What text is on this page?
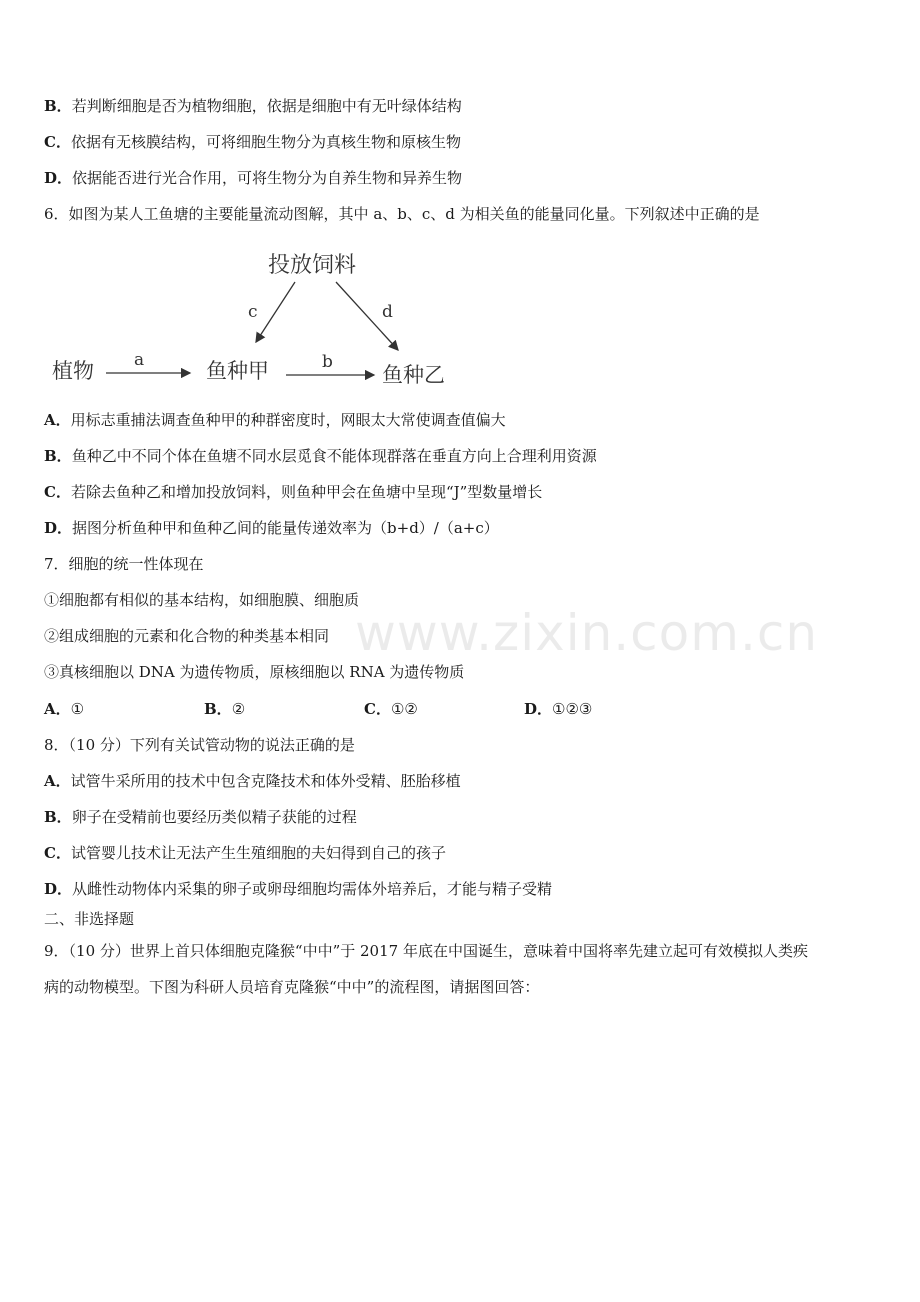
www.zixin.com.cn
B．若判断细胞是否为植物细胞，依据是细胞中有无叶绿体结构
C．依据有无核膜结构，可将细胞生物分为真核生物和原核生物
D．依据能否进行光合作用，可将生物分为自养生物和异养生物
6．如图为某人工鱼塘的主要能量流动图解，其中 a、b、c、d 为相关鱼的能量同化量。下列叙述中正确的是
投放饲料
c	d
植物 a	鱼种甲	b
鱼种乙
A．用标志重捕法调查鱼种甲的种群密度时，网眼太大常使调查值偏大
B．鱼种乙中不同个体在鱼塘不同水层觅食不能体现群落在垂直方向上合理利用资源
C．若除去鱼种乙和增加投放饲料，则鱼种甲会在鱼塘中呈现“J”型数量增长
D．据图分析鱼种甲和鱼种乙间的能量传递效率为（b+d）/（a+c）
7．细胞的统一性体现在
①细胞都有相似的基本结构，如细胞膜、细胞质
②组成细胞的元素和化合物的种类基本相同
③真核细胞以 DNA 为遗传物质，原核细胞以 RNA 为遗传物质
A．①	B．②	C．①②	D．①②③
8．（10 分）下列有关试管动物的说法正确的是
A．试管牛采所用的技术中包含克隆技术和体外受精、胚胎移植
B．卵子在受精前也要经历类似精子获能的过程
C．试管婴儿技术让无法产生生殖细胞的夫妇得到自己的孩子
D．从雌性动物体内采集的卵子或卵母细胞均需体外培养后，才能与精子受精
二、非选择题
9．（10 分）世界上首只体细胞克隆猴“中中”于 2017 年底在中国诞生，意味着中国将率先建立起可有效模拟人类疾
病的动物模型。下图为科研人员培育克隆猴“中中”的流程图，请据图回答：
